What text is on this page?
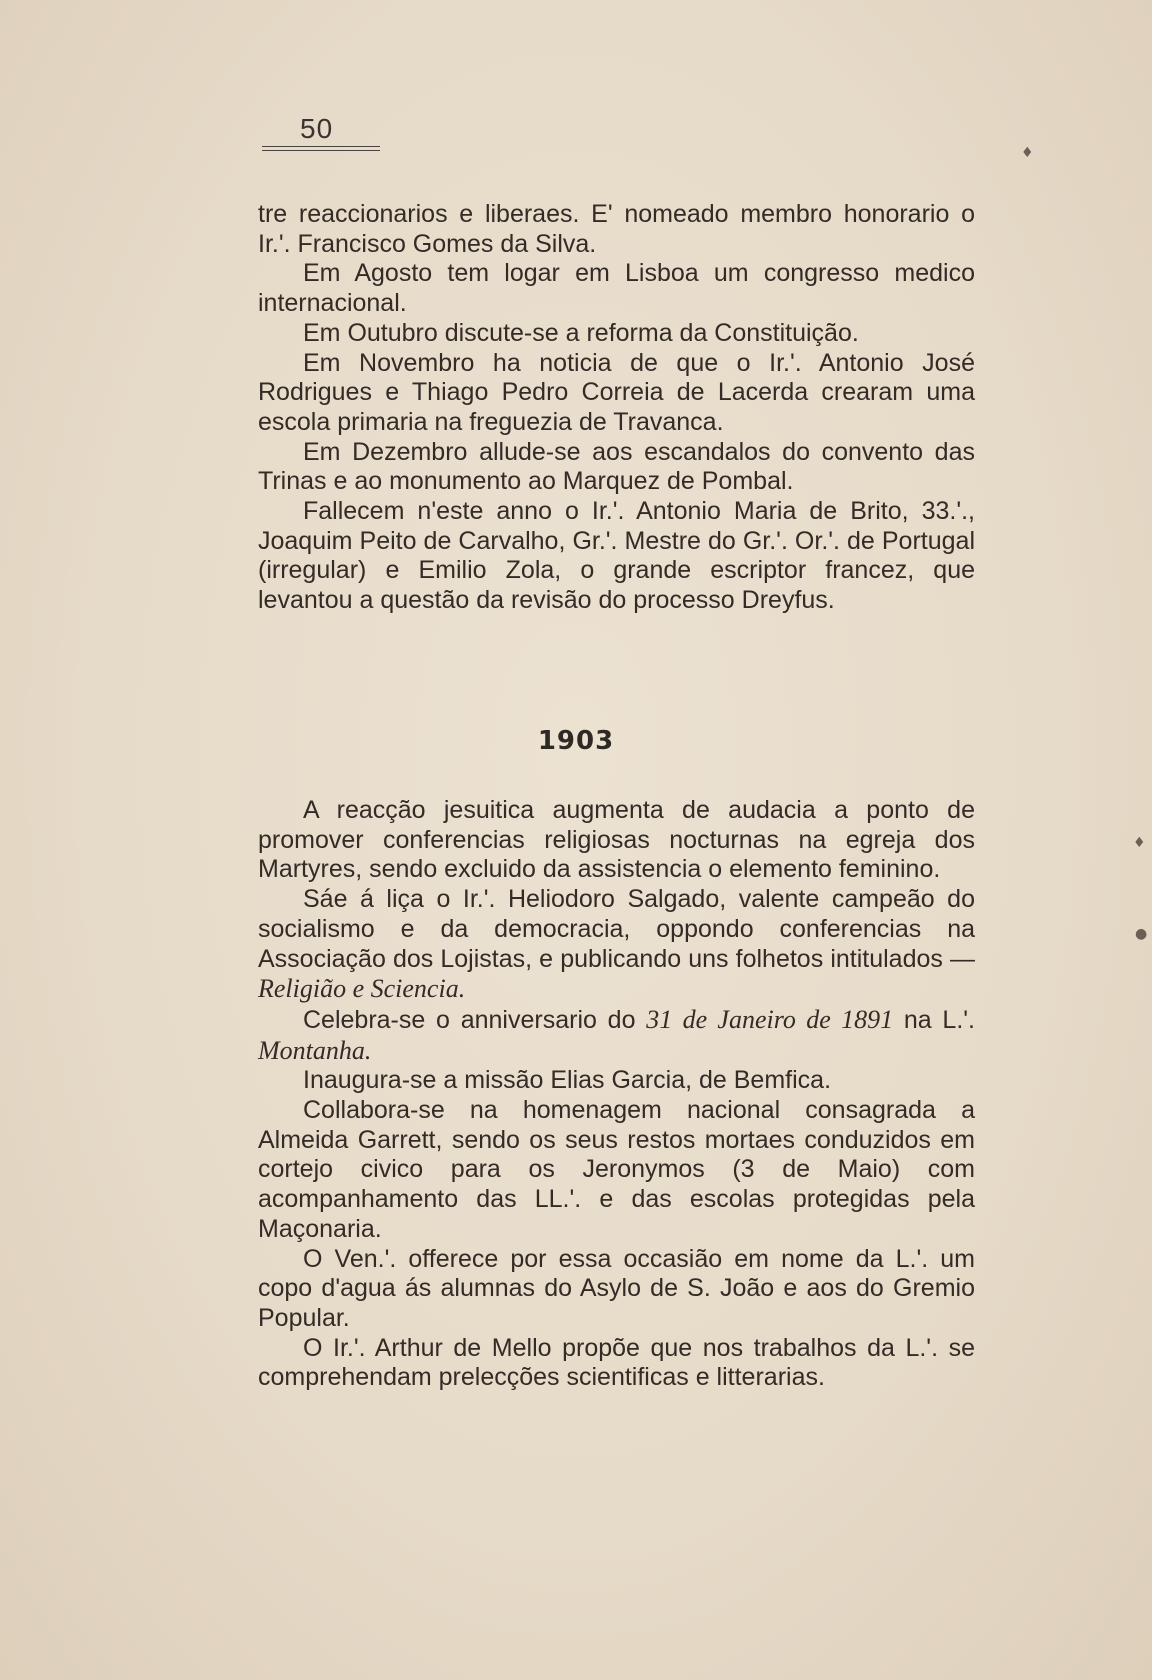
♦
♦
●
50

tre reaccionarios e liberaes. E' nomeado membro honorario o Ir.'. Francisco Gomes da Silva.

Em Agosto tem logar em Lisboa um congresso medico internacional.

Em Outubro discute-se a reforma da Constituição.

Em Novembro ha noticia de que o Ir.'. Antonio José Rodrigues e Thiago Pedro Correia de Lacerda crearam uma escola primaria na freguezia de Travanca.

Em Dezembro allude-se aos escandalos do convento das Trinas e ao monumento ao Marquez de Pombal.

Fallecem n'este anno o Ir.'. Antonio Maria de Brito, 33.'., Joaquim Peito de Carvalho, Gr.'. Mestre do Gr.'. Or.'. de Portugal (irregular) e Emilio Zola, o grande escriptor francez, que levantou a questão da revisão do processo Dreyfus.

1903

A reacção jesuitica augmenta de audacia a ponto de promover conferencias religiosas nocturnas na egreja dos Martyres, sendo excluido da assistencia o elemento feminino.

Sáe á liça o Ir.'. Heliodoro Salgado, valente campeão do socialismo e da democracia, oppondo conferencias na Associação dos Lojistas, e publicando uns folhetos intitulados — Religião e Sciencia.

Celebra-se o anniversario do 31 de Janeiro de 1891 na L.'. Montanha.

Inaugura-se a missão Elias Garcia, de Bemfica.

Collabora-se na homenagem nacional consagrada a Almeida Garrett, sendo os seus restos mortaes conduzidos em cortejo civico para os Jeronymos (3 de Maio) com acompanhamento das LL.'. e das escolas protegidas pela Maçonaria.

O Ven.'. offerece por essa occasião em nome da L.'. um copo d'agua ás alumnas do Asylo de S. João e aos do Gremio Popular.

O Ir.'. Arthur de Mello propõe que nos trabalhos da L.'. se comprehendam prelecções scientificas e litterarias.
